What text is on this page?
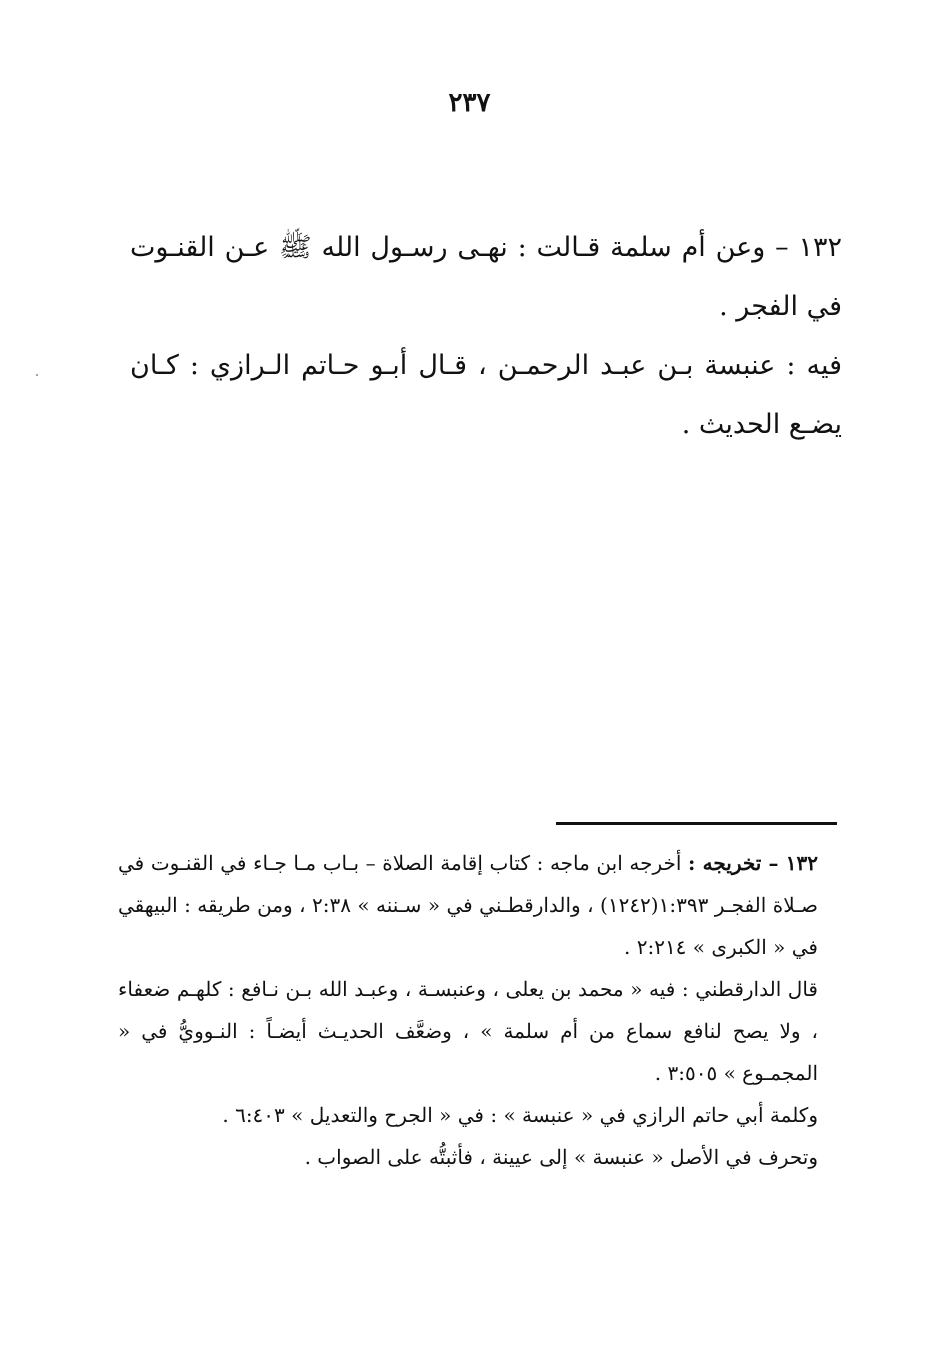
٢٣٧

١٣٢ – وعن أم سلمة قـالت : نهـى رسـول الله ﷺ عـن القنـوت في الفجر .

فيه : عنبسة بـن عبـد الرحمـن ، قـال أبـو حـاتم الـرازي : كـان يضـع الحديث .

١٣٢ – تخريجه : أخرجه ابن ماجه : كتاب إقامة الصلاة – بـاب مـا جـاء في القنـوت في صـلاة الفجـر ١:٣٩٣(١٢٤٢) ، والدارقطـني في « سـننه » ٢:٣٨ ، ومن طريقه : البيهقي في « الكبرى » ٢:٢١٤ .

قال الدارقطني : فيه « محمد بن يعلى ، وعنبسـة ، وعبـد الله بـن نـافع : كلهـم ضعفاء ، ولا يصح لنافع سماع من أم سلمة » ، وضعَّف الحديـث أيضـاً : النـوويُّ في « المجمـوع » ٣:٥٠٥ .

وكلمة أبي حاتم الرازي في « عنبسة » : في « الجرح والتعديل » ٦:٤٠٣ .

وتحرف في الأصل « عنبسة » إلى عيينة ، فأثبتُّه على الصواب .
